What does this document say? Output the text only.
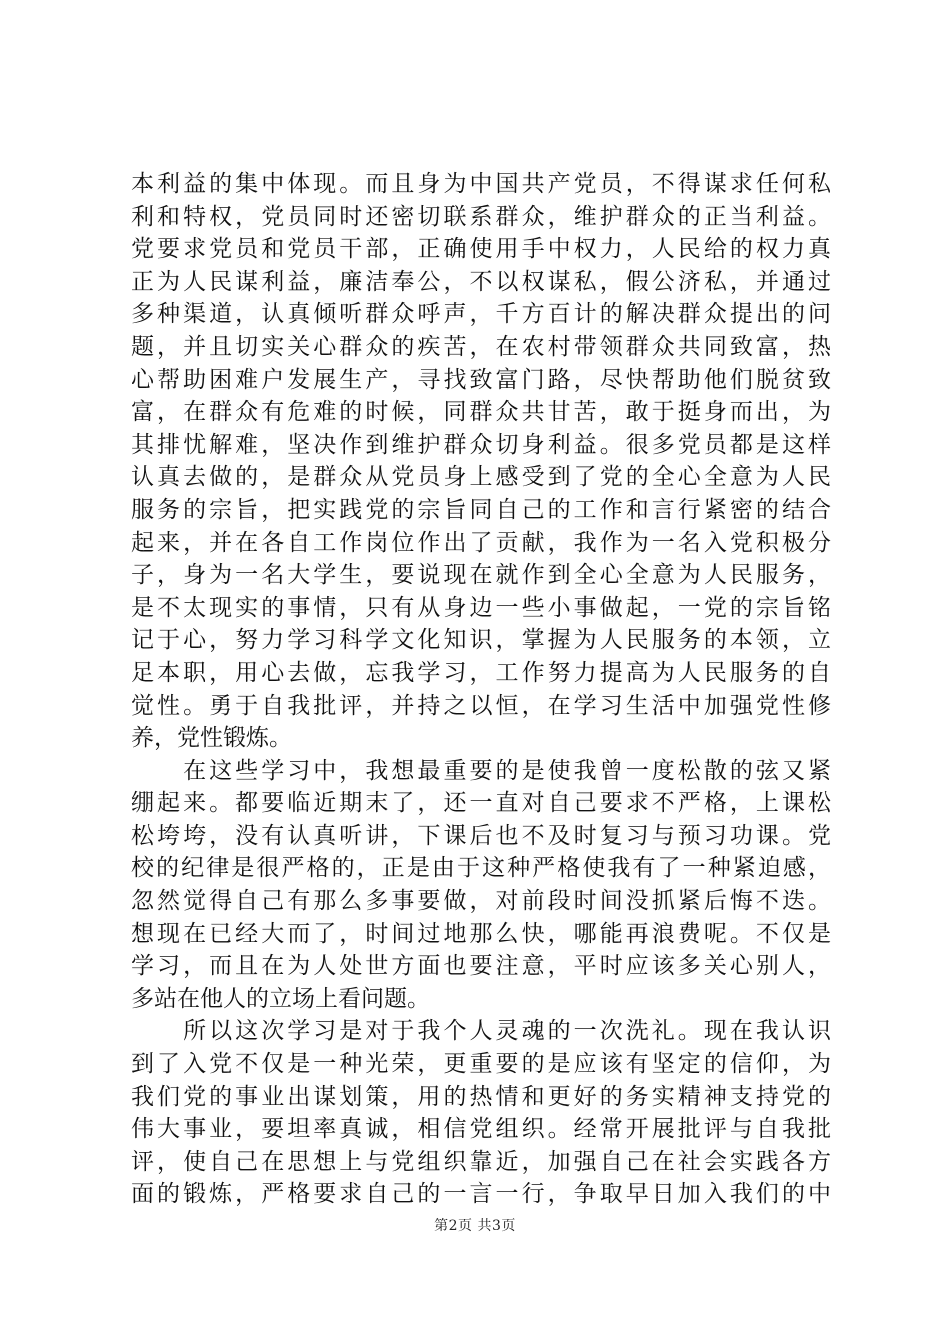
本利益的集中体现。而且身为中国共产党员，不得谋求任何私
利和特权，党员同时还密切联系群众，维护群众的正当利益。
党要求党员和党员干部，正确使用手中权力，人民给的权力真
正为人民谋利益，廉洁奉公，不以权谋私，假公济私，并通过
多种渠道，认真倾听群众呼声，千方百计的解决群众提出的问
题，并且切实关心群众的疾苦，在农村带领群众共同致富，热
心帮助困难户发展生产，寻找致富门路，尽快帮助他们脱贫致
富，在群众有危难的时候，同群众共甘苦，敢于挺身而出，为
其排忧解难，坚决作到维护群众切身利益。很多党员都是这样
认真去做的，是群众从党员身上感受到了党的全心全意为人民
服务的宗旨，把实践党的宗旨同自己的工作和言行紧密的结合
起来，并在各自工作岗位作出了贡献，我作为一名入党积极分
子，身为一名大学生，要说现在就作到全心全意为人民服务，
是不太现实的事情，只有从身边一些小事做起，一党的宗旨铭
记于心，努力学习科学文化知识，掌握为人民服务的本领，立
足本职，用心去做，忘我学习，工作努力提高为人民服务的自
觉性。勇于自我批评，并持之以恒，在学习生活中加强党性修
养，党性锻炼。
　　在这些学习中，我想最重要的是使我曾一度松散的弦又紧
绷起来。都要临近期末了，还一直对自己要求不严格，上课松
松垮垮，没有认真听讲，下课后也不及时复习与预习功课。党
校的纪律是很严格的，正是由于这种严格使我有了一种紧迫感，
忽然觉得自己有那么多事要做，对前段时间没抓紧后悔不迭。
想现在已经大而了，时间过地那么快，哪能再浪费呢。不仅是
学习，而且在为人处世方面也要注意，平时应该多关心别人，
多站在他人的立场上看问题。
　　所以这次学习是对于我个人灵魂的一次洗礼。现在我认识
到了入党不仅是一种光荣，更重要的是应该有坚定的信仰，为
我们党的事业出谋划策，用的热情和更好的务实精神支持党的
伟大事业，要坦率真诚，相信党组织。经常开展批评与自我批
评，使自己在思想上与党组织靠近，加强自己在社会实践各方
面的锻炼，严格要求自己的一言一行，争取早日加入我们的中
第2页 共3页
